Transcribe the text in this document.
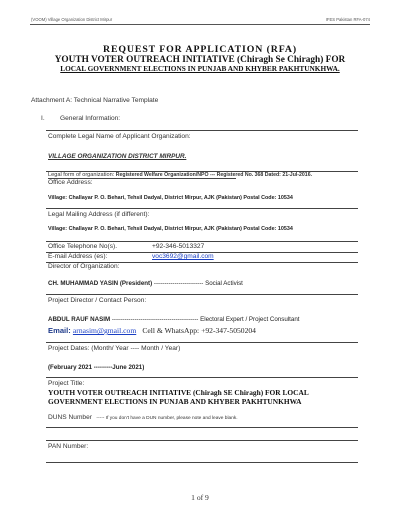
(VOOM) Village Organization District Mirpur	IFES Pakistan RFA-074
REQUEST FOR APPLICATION (RFA)
YOUTH VOTER OUTREACH INITIATIVE (Chiragh Se Chiragh) FOR
LOCAL GOVERNMENT ELECTIONS IN PUNJAB AND KHYBER PAKHTUNKHWA.
Attachment A: Technical Narrative Template
I. General Information:
Complete Legal Name of Applicant Organization:
VILLAGE ORGANIZATION DISTRICT MIRPUR.
Legal form of organization: Registered Welfare Organization/NPO --- Registered No. 368 Dated: 21-Jul-2016.
Office Address:
Village: Challayar P. O. Behari, Tehsil Dadyal, District Mirpur, AJK (Pakistan) Postal Code: 10534
Legal Mailing Address (if different):
Village: Challayar P. O. Behari, Tehsil Dadyal, District Mirpur, AJK (Pakistan) Postal Code: 10534
Office Telephone No(s).	+92-346-5013327
E-mail Address (es):	voc3692@gmail.com
Director of Organization:
CH. MUHAMMAD YASIN (President) ------------------------ Social Activist
Project Director / Contact Person:
ABDUL RAUF NASIM ------------------------------------------ Electoral Expert / Project Consultant
Email: arnasim@gmail.com Cell & WhatsApp: +92-347-5050204
Project Dates: (Month/ Year ---- Month / Year)
(February 2021 ---------June 2021)
Project Title:
YOUTH VOTER OUTREACH INITIATIVE (Chiragh SE Chiragh) FOR LOCAL
GOVERNMENT ELECTIONS IN PUNJAB AND KHYBER PAKHTUNKHWA
DUNS Number ----- If you don't have a DUN number, please note and leave blank.
PAN Number:
1 of 9
